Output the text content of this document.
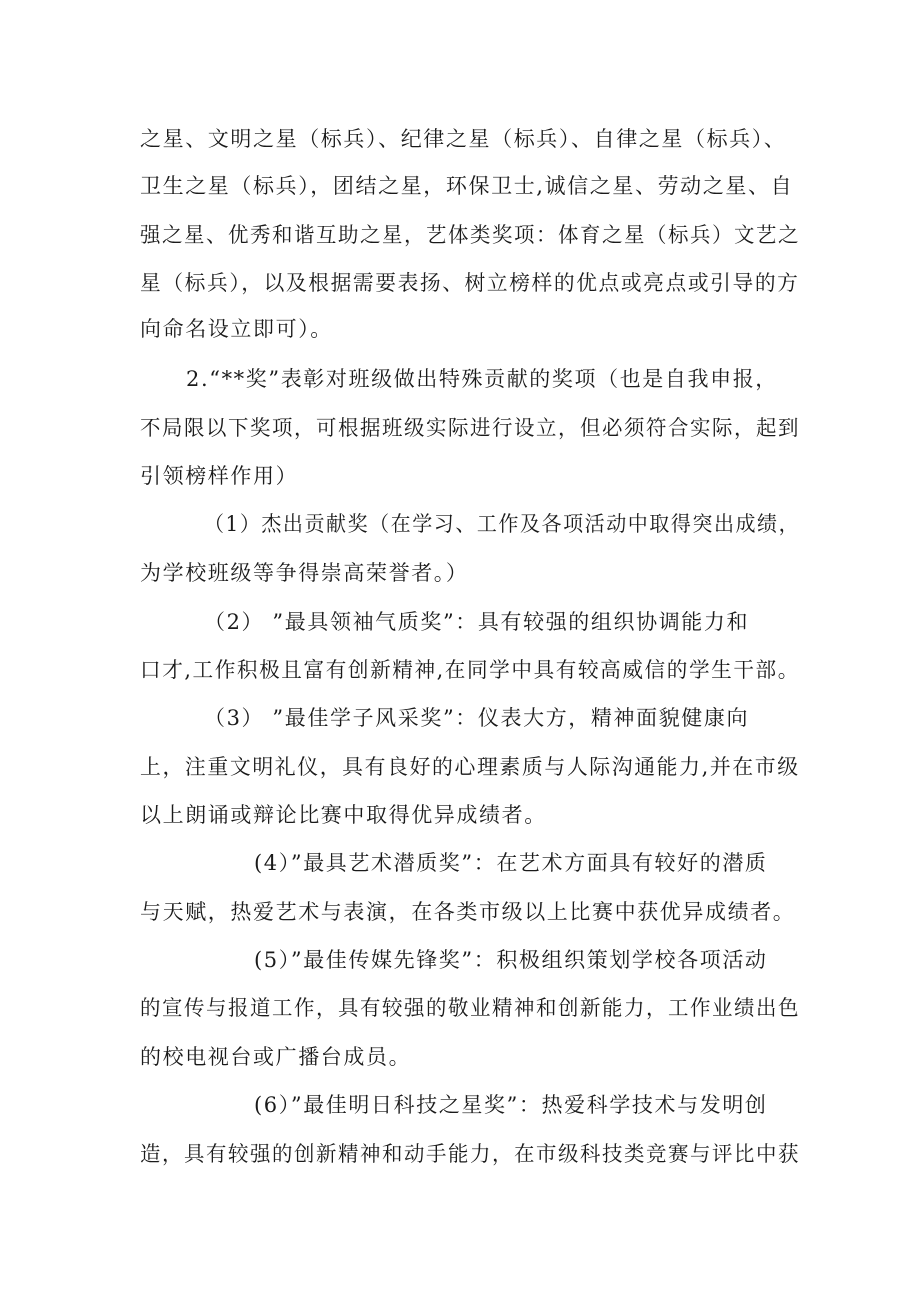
之星、文明之星（标兵）、纪律之星（标兵）、自律之星（标兵）、
卫生之星（标兵），团结之星，环保卫士,诚信之星、劳动之星、自
强之星、优秀和谐互助之星，艺体类奖项：体育之星（标兵）文艺之
星（标兵），以及根据需要表扬、树立榜样的优点或亮点或引导的方
向命名设立即可）。
2.“**奖”表彰对班级做出特殊贡献的奖项（也是自我申报，
不局限以下奖项，可根据班级实际进行设立，但必须符合实际，起到
引领榜样作用）
（1）杰出贡献奖（在学习、工作及各项活动中取得突出成绩，
为学校班级等争得崇高荣誉者。）
（2） ”最具领袖气质奖”：具有较强的组织协调能力和
口才,工作积极且富有创新精神,在同学中具有较高威信的学生干部。
（3） ”最佳学子风采奖”：仪表大方，精神面貌健康向
上，注重文明礼仪，具有良好的心理素质与人际沟通能力,并在市级
以上朗诵或辩论比赛中取得优异成绩者。
(4）”最具艺术潜质奖”：在艺术方面具有较好的潜质
与天赋，热爱艺术与表演，在各类市级以上比赛中获优异成绩者。
(5）”最佳传媒先锋奖”：积极组织策划学校各项活动
的宣传与报道工作，具有较强的敬业精神和创新能力，工作业绩出色
的校电视台或广播台成员。
(6）”最佳明日科技之星奖”：热爱科学技术与发明创
造，具有较强的创新精神和动手能力，在市级科技类竞赛与评比中获
